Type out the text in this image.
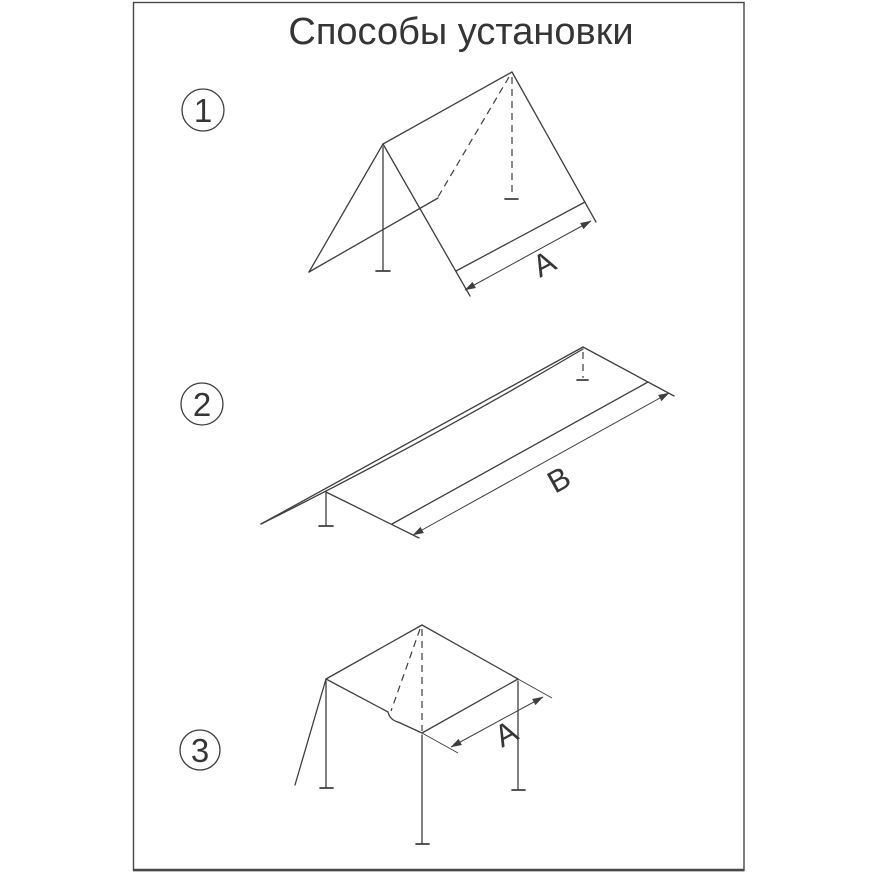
Способы установки
1
А
2
В
3	А
